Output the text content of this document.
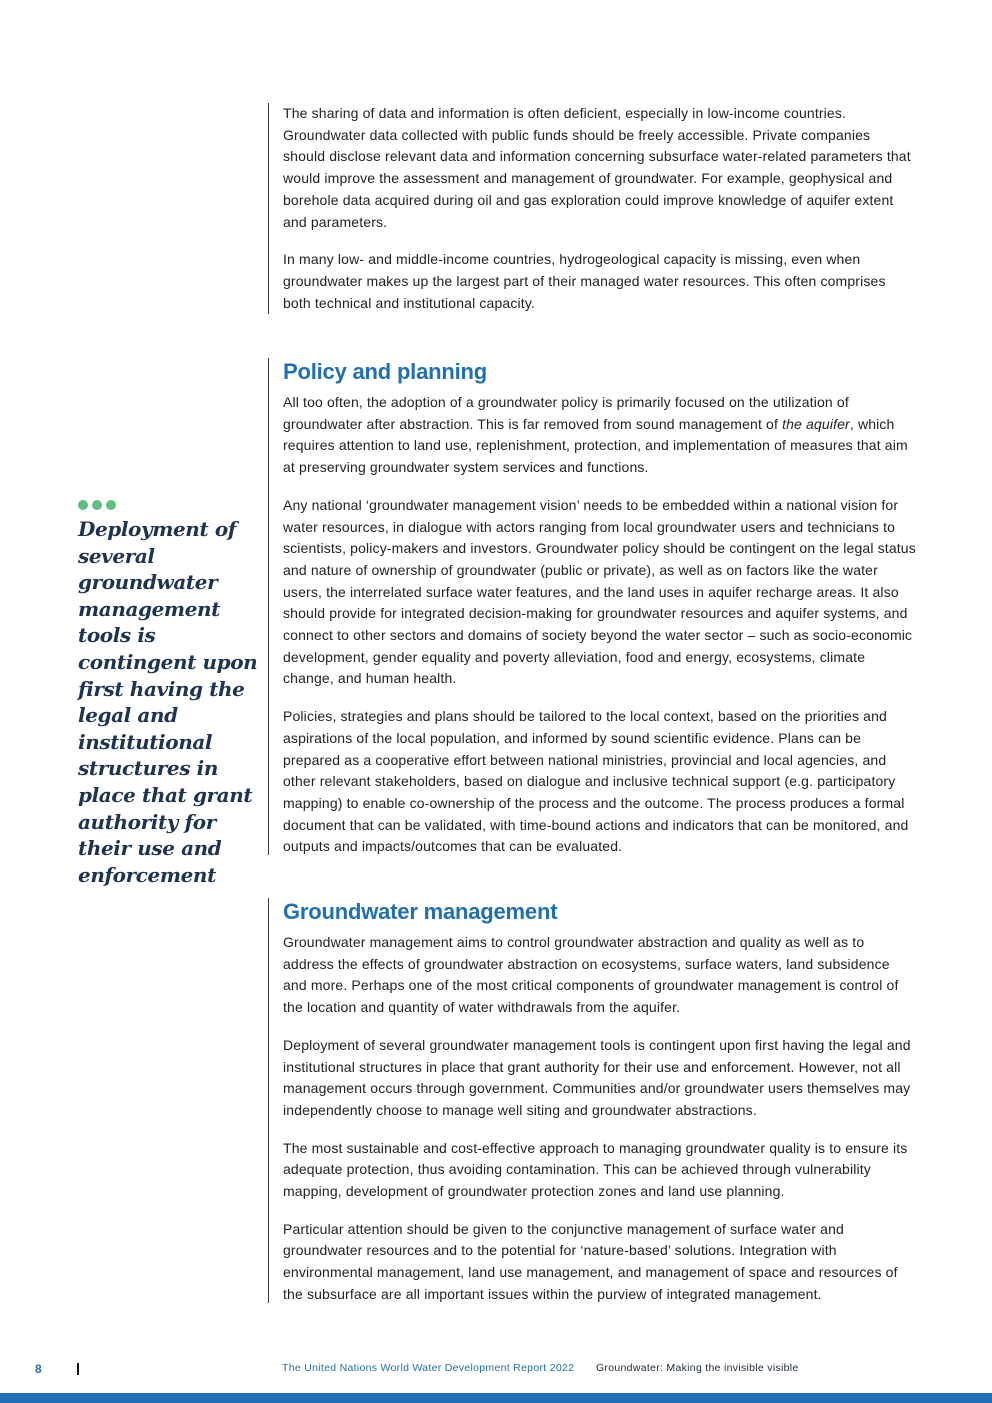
The sharing of data and information is often deficient, especially in low-income countries. Groundwater data collected with public funds should be freely accessible. Private companies should disclose relevant data and information concerning subsurface water-related parameters that would improve the assessment and management of groundwater. For example, geophysical and borehole data acquired during oil and gas exploration could improve knowledge of aquifer extent and parameters.

In many low- and middle-income countries, hydrogeological capacity is missing, even when groundwater makes up the largest part of their managed water resources. This often comprises both technical and institutional capacity.

Policy and planning

All too often, the adoption of a groundwater policy is primarily focused on the utilization of groundwater after abstraction. This is far removed from sound management of the aquifer, which requires attention to land use, replenishment, protection, and implementation of measures that aim at preserving groundwater system services and functions.

Any national ‘groundwater management vision’ needs to be embedded within a national vision for water resources, in dialogue with actors ranging from local groundwater users and technicians to scientists, policy-makers and investors. Groundwater policy should be contingent on the legal status and nature of ownership of groundwater (public or private), as well as on factors like the water users, the interrelated surface water features, and the land uses in aquifer recharge areas. It also should provide for integrated decision-making for groundwater resources and aquifer systems, and connect to other sectors and domains of society beyond the water sector – such as socio-economic development, gender equality and poverty alleviation, food and energy, ecosystems, climate change, and human health.

Policies, strategies and plans should be tailored to the local context, based on the priorities and aspirations of the local population, and informed by sound scientific evidence. Plans can be prepared as a cooperative effort between national ministries, provincial and local agencies, and other relevant stakeholders, based on dialogue and inclusive technical support (e.g. participatory mapping) to enable co-ownership of the process and the outcome. The process produces a formal document that can be validated, with time-bound actions and indicators that can be monitored, and outputs and impacts/outcomes that can be evaluated.

Groundwater management

Groundwater management aims to control groundwater abstraction and quality as well as to address the effects of groundwater abstraction on ecosystems, surface waters, land subsidence and more. Perhaps one of the most critical components of groundwater management is control of the location and quantity of water withdrawals from the aquifer.

Deployment of several groundwater management tools is contingent upon first having the legal and institutional structures in place that grant authority for their use and enforcement. However, not all management occurs through government. Communities and/or groundwater users themselves may independently choose to manage well siting and groundwater abstractions.

The most sustainable and cost-effective approach to managing groundwater quality is to ensure its adequate protection, thus avoiding contamination. This can be achieved through vulnerability mapping, development of groundwater protection zones and land use planning.

Particular attention should be given to the conjunctive management of surface water and groundwater resources and to the potential for ‘nature-based’ solutions. Integration with environmental management, land use management, and management of space and resources of the subsurface are all important issues within the purview of integrated management.

Deployment of several groundwater management tools is contingent upon first having the legal and institutional structures in place that grant authority for their use and enforcement

8	The United Nations World Water Development Report 2022 Groundwater: Making the invisible visible
